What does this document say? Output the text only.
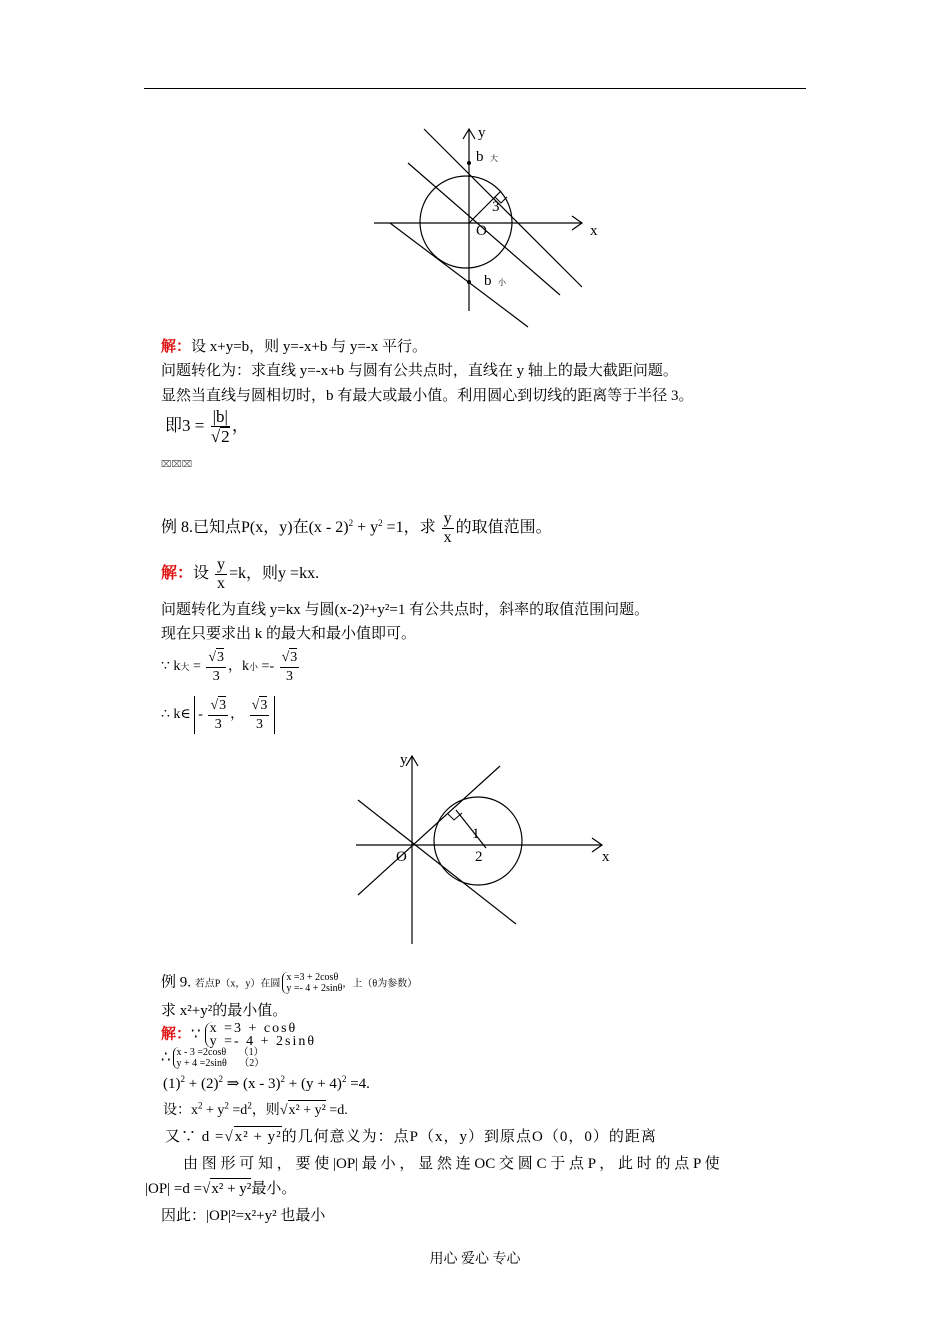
y
x
O
3
b 大
b 小
解：设 x+y=b，则 y=-x+b 与 y=-x 平行。
问题转化为：求直线 y=-x+b 与圆有公共点时，直线在 y 轴上的最大截距问题。
显然当直线与圆相切时，b 有最大或最小值。利用圆心到切线的距离等于半径 3。
即$3 = \frac{|b|}{√2}$ ，
⌧⌧⌧
例 8.已知点P(x，y)在$(x - 2)^2 + y^2 =1$，求 $\frac{y}{x}$ 的取值范围。
解：设 $\frac{y}{x} =k$，则y =kx.
问题转化为直线 y=kx 与圆(x-2)²+y²=1 有公共点时，斜率的取值范围问题。
现在只要求出 k 的最大和最小值即可。
∵ k大 = $\frac{√3}{3}$ ，k小 =- $\frac{√3}{3}$
∴ k∈ - $\frac{√3}{3}$ ， $\frac{√3}{3}$
y
x
O
1
2
例 9. 若点P（x，y）在圆x =3 + 2cosθ
y =- 4 + 2sinθ，上（θ为参数）
求 x²+y²的最小值。
解：∵ x =3 + cosθ
y =- 4 + 2sinθ
∴ x - 3 =2cosθ （1）
y + 4 =2sinθ （2）
$(1)^2 + (2)^2$ ⇒ $(x - 3)^2 + (y + 4)^2 =4$.
设：$x^2 + y^2 =d^2$，则√x² + y² =d.
又∵ d =√x² + y²的几何意义为：点P（x，y）到原点O（0，0）的距离
由 图 形 可 知 ， 要 使 |OP| 最 小 ， 显 然 连 OC 交 圆 C 于 点 P ， 此 时 的 点 P 使
|OP| =d =√x² + y²最小。
因此：|OP|²=x²+y² 也最小
用心 爱心 专心
